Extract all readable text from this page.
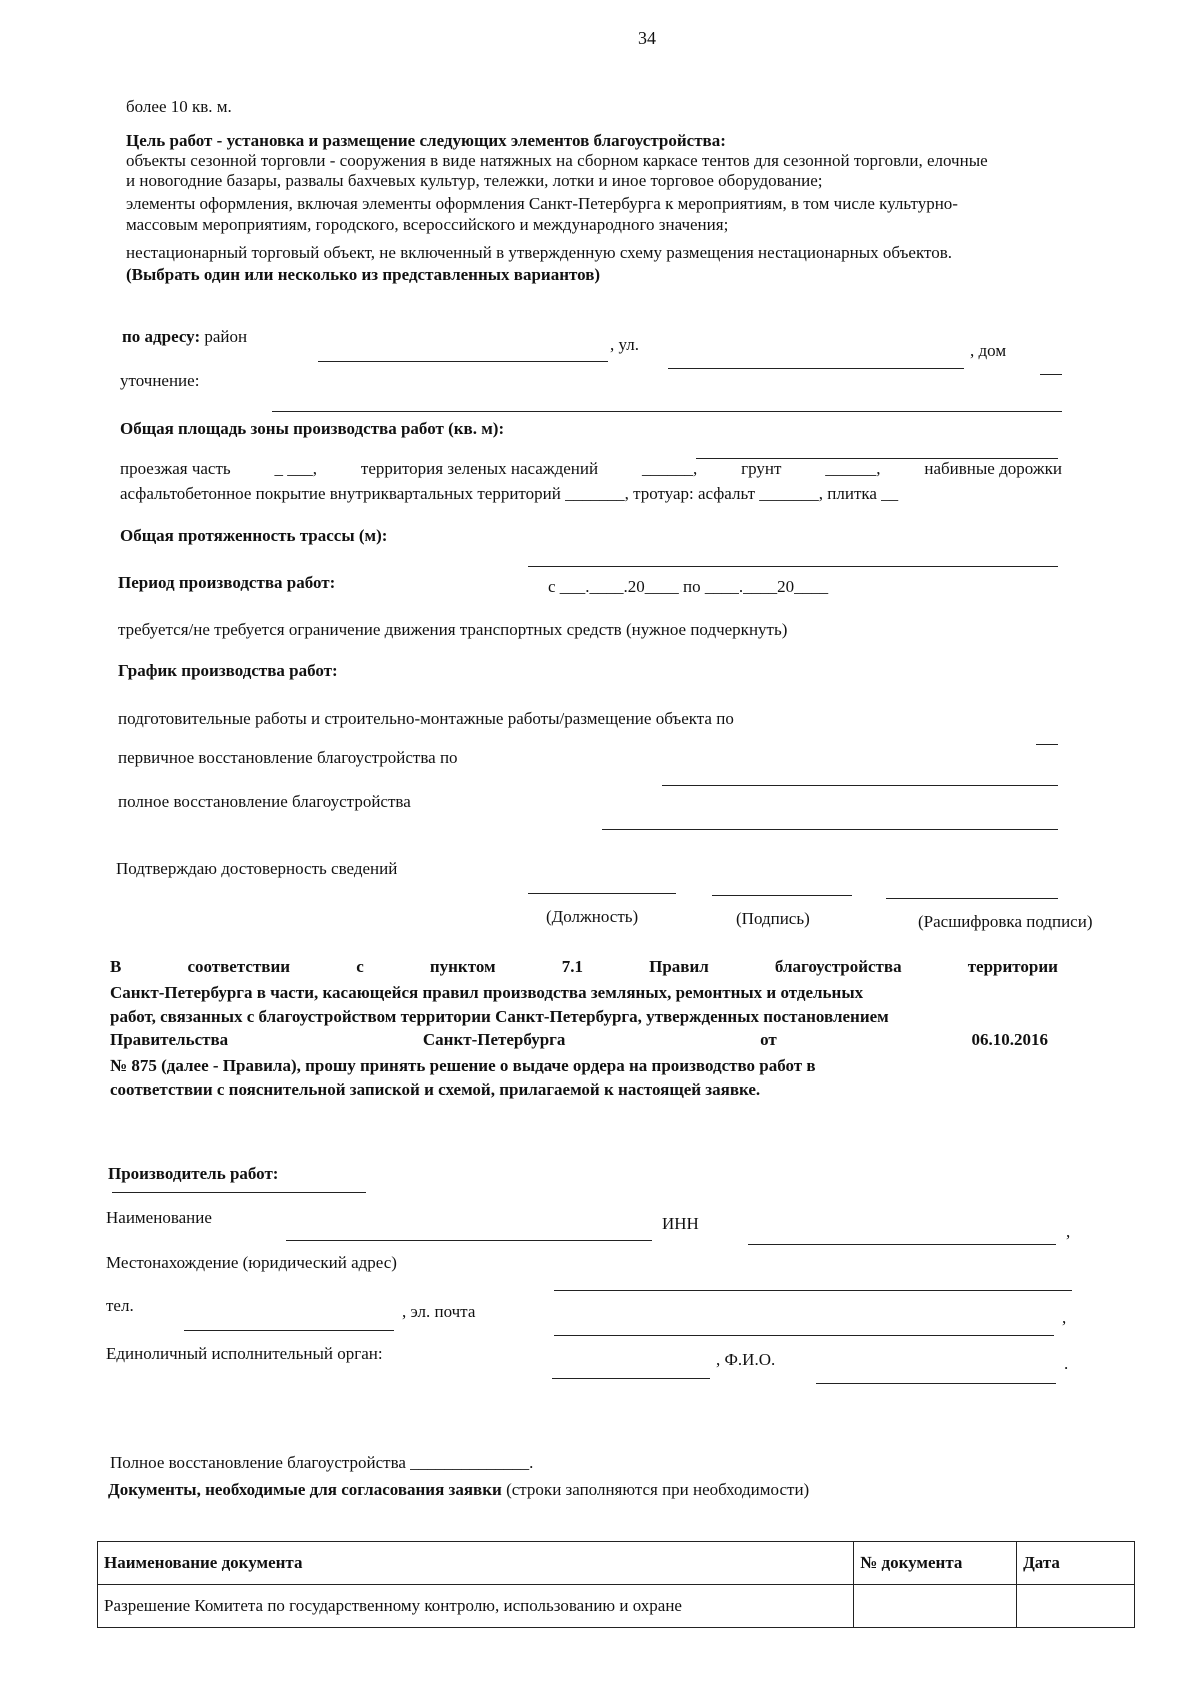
34
более 10 кв. м.
Цель работ - установка и размещение следующих элементов благоустройства:
объекты сезонной торговли - сооружения в виде натяжных на сборном каркасе тентов для сезонной торговли, елочные
и новогодние базары, развалы бахчевых культур, тележки, лотки и иное торговое оборудование;
элементы оформления, включая элементы оформления Санкт-Петербурга к мероприятиям, в том числе культурно-
массовым мероприятиям, городского, всероссийского и международного значения;
нестационарный торговый объект, не включенный в утвержденную схему размещения нестационарных объектов.
(Выбрать один или несколько из представленных вариантов)
по адресу: район	, ул.	, дом
уточнение:
Общая площадь зоны производства работ (кв. м):
проезжая часть	_ ___,	территория зеленых насаждений	______,	грунт	______,	набивные дорожки
асфальтобетонное покрытие внутриквартальных территорий _______, тротуар: асфальт _______, плитка __
Общая протяженность трассы (м):
Период производства работ:	с ___.____.20____ по ____.____20____
требуется/не требуется ограничение движения транспортных средств (нужное подчеркнуть)
График производства работ:
подготовительные работы и строительно-монтажные работы/размещение объекта по
первичное восстановление благоустройства по
полное восстановление благоустройства
Подтверждаю достоверность сведений
(Должность)	(Подпись)	(Расшифровка подписи)
В	соответствии	с	пунктом	7.1	Правил	благоустройства	территории
Санкт-Петербурга в части, касающейся правил производства земляных, ремонтных и отдельных
работ, связанных с благоустройством территории Санкт-Петербурга, утвержденных постановлением
Правительства	Санкт-Петербурга	от	06.10.2016
№ 875 (далее - Правила), прошу принять решение о выдаче ордера на производство работ в
соответствии с пояснительной запиской и схемой, прилагаемой к настоящей заявке.
Производитель работ:
Наименование	ИНН	,
Местонахождение (юридический адрес)
тел.	, эл. почта	,
Единоличный исполнительный орган:	, Ф.И.О.	.
Полное восстановление благоустройства ______________.
Документы, необходимые для согласования заявки (строки заполняются при необходимости)
Наименование документа	№ документа	Дата
Разрешение Комитета по государственному контролю, использованию и охране		
